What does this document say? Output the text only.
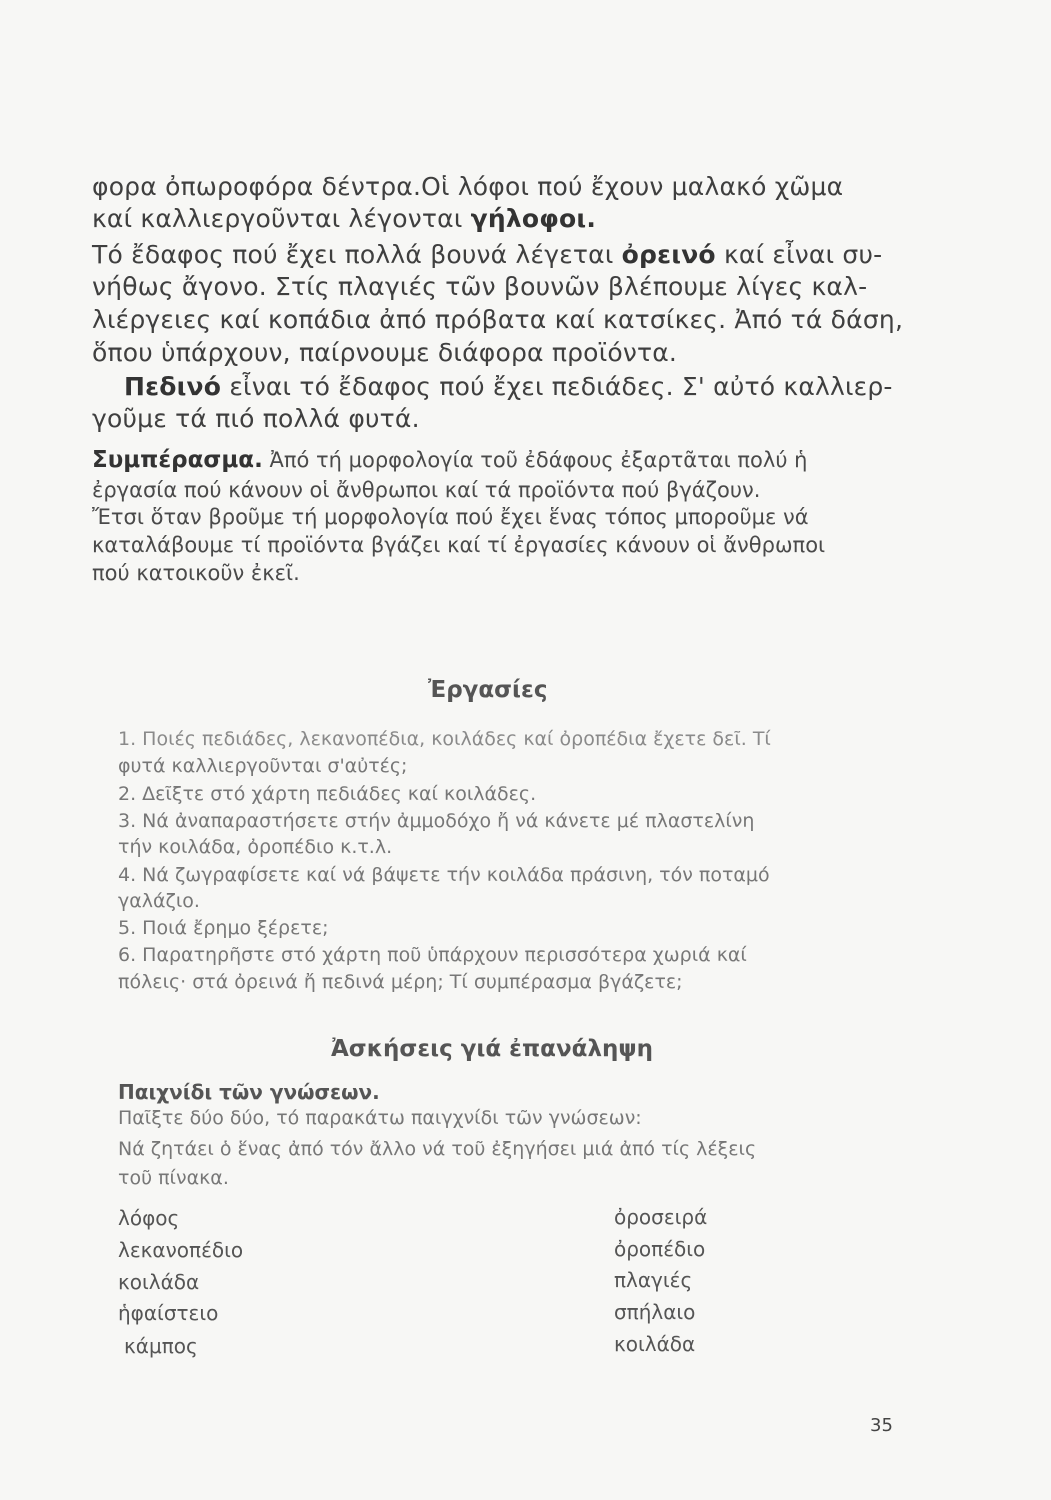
φορα ὀπωροφόρα δέντρα.Οἱ λόφοι πού ἔχουν μαλακό χῶμα
καί καλλιεργοῦνται λέγονται γήλοφοι.
Τό ἔδαφος πού ἔχει πολλά βουνά λέγεται ὀρεινό καί εἶναι συ-
νήθως ἄγονο. Στίς πλαγιές τῶν βουνῶν βλέπουμε λίγες καλ-
λιέργειες καί κοπάδια ἀπό πρόβατα καί κατσίκες. Ἀπό τά δάση,
ὅπου ὑπάρχουν, παίρνουμε διάφορα προϊόντα.
Πεδινό εἶναι τό ἔδαφος πού ἔχει πεδιάδες. Σ' αὐτό καλλιερ-
γοῦμε τά πιό πολλά φυτά.
Συμπέρασμα. Ἀπό τή μορφολογία τοῦ ἐδάφους ἐξαρτᾶται πολύ ἡ
ἐργασία πού κάνουν οἱ ἄνθρωποι καί τά προϊόντα πού βγάζουν.
Ἔτσι ὅταν βροῦμε τή μορφολογία πού ἔχει ἕνας τόπος μποροῦμε νά
καταλάβουμε τί προϊόντα βγάζει καί τί ἐργασίες κάνουν οἱ ἄνθρωποι
πού κατοικοῦν ἐκεῖ.
Ἐργασίες
1. Ποιές πεδιάδες, λεκανοπέδια, κοιλάδες καί ὀροπέδια ἔχετε δεῖ. Τί
φυτά καλλιεργοῦνται σ'αὐτές;
2. Δεῖξτε στό χάρτη πεδιάδες καί κοιλάδες.
3. Νά ἀναπαραστήσετε στήν ἀμμοδόχο ἤ νά κάνετε μέ πλαστελίνη
τήν κοιλάδα, ὀροπέδιο κ.τ.λ.
4. Νά ζωγραφίσετε καί νά βάψετε τήν κοιλάδα πράσινη, τόν ποταμό
γαλάζιο.
5. Ποιά ἔρημο ξέρετε;
6. Παρατηρῆστε στό χάρτη ποῦ ὑπάρχουν περισσότερα χωριά καί
πόλεις· στά ὀρεινά ἤ πεδινά μέρη; Τί συμπέρασμα βγάζετε;
Ἀσκήσεις γιά ἐπανάληψη
Παιχνίδι τῶν γνώσεων.
Παῖξτε δύο δύο, τό παρακάτω παιγχνίδι τῶν γνώσεων:
Νά ζητάει ὁ ἕνας ἀπό τόν ἄλλο νά τοῦ ἐξηγήσει μιά ἀπό τίς λέξεις
τοῦ πίνακα.
λόφος
λεκανοπέδιο
κοιλάδα
ἡφαίστειο
κάμπος
ὀροσειρά
ὀροπέδιο
πλαγιές
σπήλαιο
κοιλάδα
35
